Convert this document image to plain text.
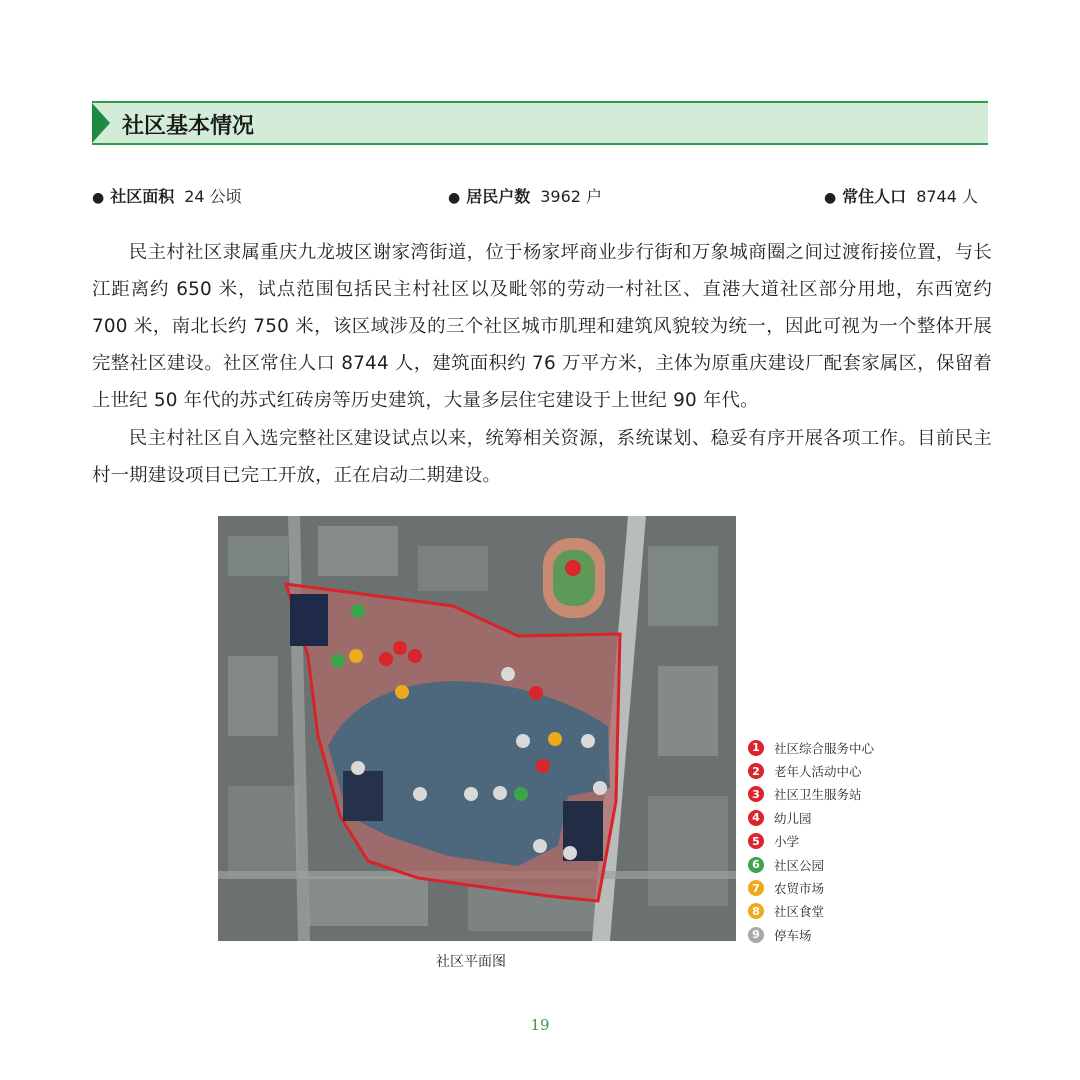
社区基本情况
● 社区面积 24 公顷	● 居民户数 3962 户	● 常住人口 8744 人

民主村社区隶属重庆九龙坡区谢家湾街道，位于杨家坪商业步行街和万象城商圈之间过渡衔接位置，与长江距离约 650 米，试点范围包括民主村社区以及毗邻的劳动一村社区、直港大道社区部分用地，东西宽约 700 米，南北长约 750 米，该区域涉及的三个社区城市肌理和建筑风貌较为统一，因此可视为一个整体开展完整社区建设。社区常住人口 8744 人，建筑面积约 76 万平方米，主体为原重庆建设厂配套家属区，保留着上世纪 50 年代的苏式红砖房等历史建筑，大量多层住宅建设于上世纪 90 年代。

民主村社区自入选完整社区建设试点以来，统筹相关资源，系统谋划、稳妥有序开展各项工作。目前民主村一期建设项目已完工开放，正在启动二期建设。

社区平面图
1	社区综合服务中心
2	老年人活动中心
3	社区卫生服务站
4	幼儿园
5	小学
6	社区公园
7	农贸市场
8	社区食堂
9	停车场
19
